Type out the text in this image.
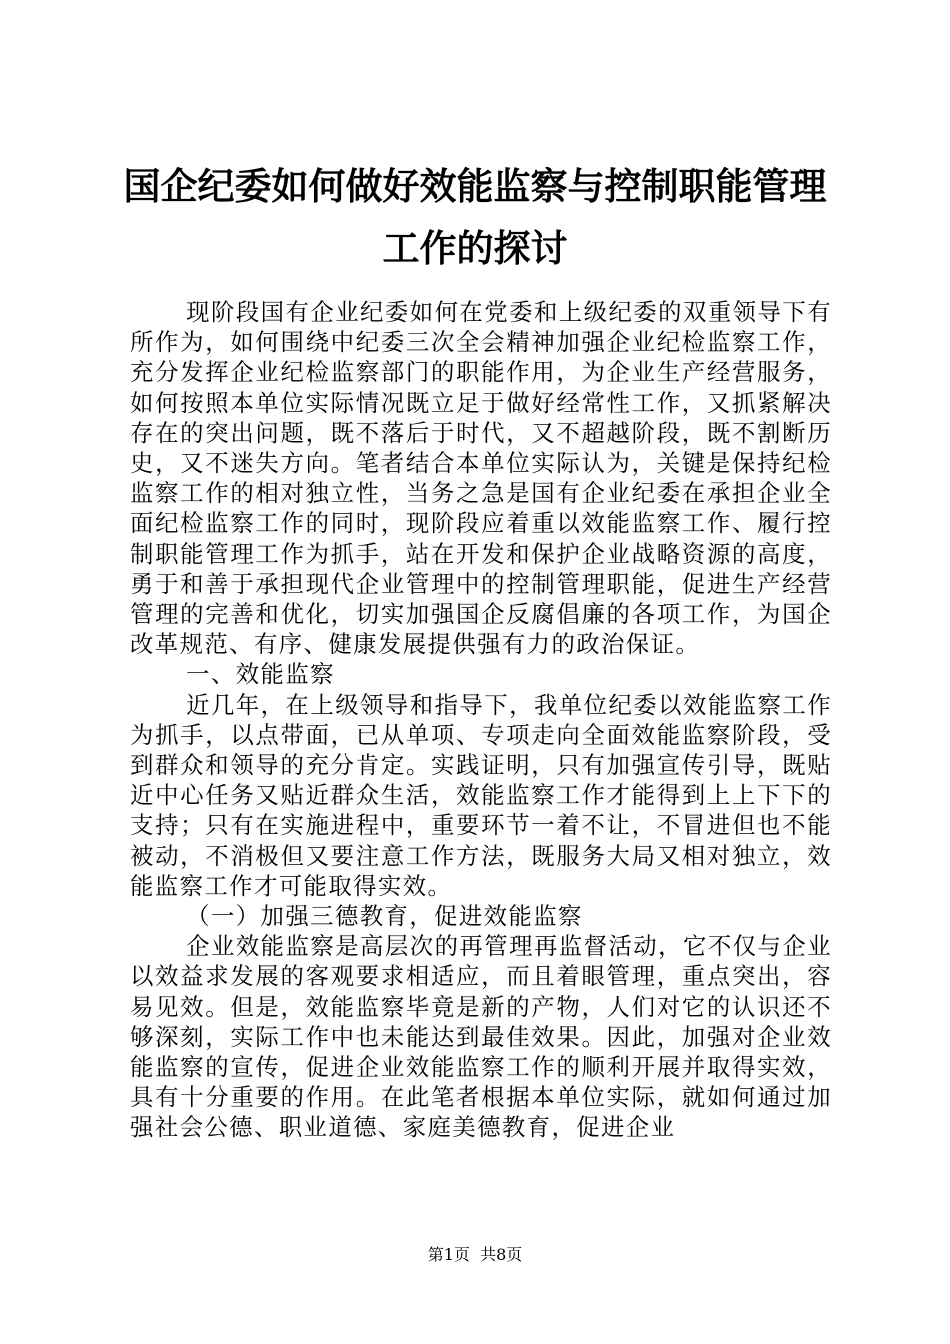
国企纪委如何做好效能监察与控制职能管理工作的探讨

现阶段国有企业纪委如何在党委和上级纪委的双重领导下有所作为，如何围绕中纪委三次全会精神加强企业纪检监察工作，充分发挥企业纪检监察部门的职能作用，为企业生产经营服务，如何按照本单位实际情况既立足于做好经常性工作，又抓紧解决存在的突出问题，既不落后于时代，又不超越阶段，既不割断历史，又不迷失方向。笔者结合本单位实际认为，关键是保持纪检监察工作的相对独立性，当务之急是国有企业纪委在承担企业全面纪检监察工作的同时，现阶段应着重以效能监察工作、履行控制职能管理工作为抓手，站在开发和保护企业战略资源的高度，勇于和善于承担现代企业管理中的控制管理职能，促进生产经营管理的完善和优化，切实加强国企反腐倡廉的各项工作，为国企改革规范、有序、健康发展提供强有力的政治保证。

一、效能监察

近几年，在上级领导和指导下，我单位纪委以效能监察工作为抓手，以点带面，已从单项、专项走向全面效能监察阶段，受到群众和领导的充分肯定。实践证明，只有加强宣传引导，既贴近中心任务又贴近群众生活，效能监察工作才能得到上上下下的支持；只有在实施进程中，重要环节一着不让，不冒进但也不能被动，不消极但又要注意工作方法，既服务大局又相对独立，效能监察工作才可能取得实效。

（一）加强三德教育，促进效能监察

企业效能监察是高层次的再管理再监督活动，它不仅与企业以效益求发展的客观要求相适应，而且着眼管理，重点突出，容易见效。但是，效能监察毕竟是新的产物，人们对它的认识还不够深刻，实际工作中也未能达到最佳效果。因此，加强对企业效能监察的宣传，促进企业效能监察工作的顺利开展并取得实效，具有十分重要的作用。在此笔者根据本单位实际，就如何通过加强社会公德、职业道德、家庭美德教育，促进企业

第1页 共8页
